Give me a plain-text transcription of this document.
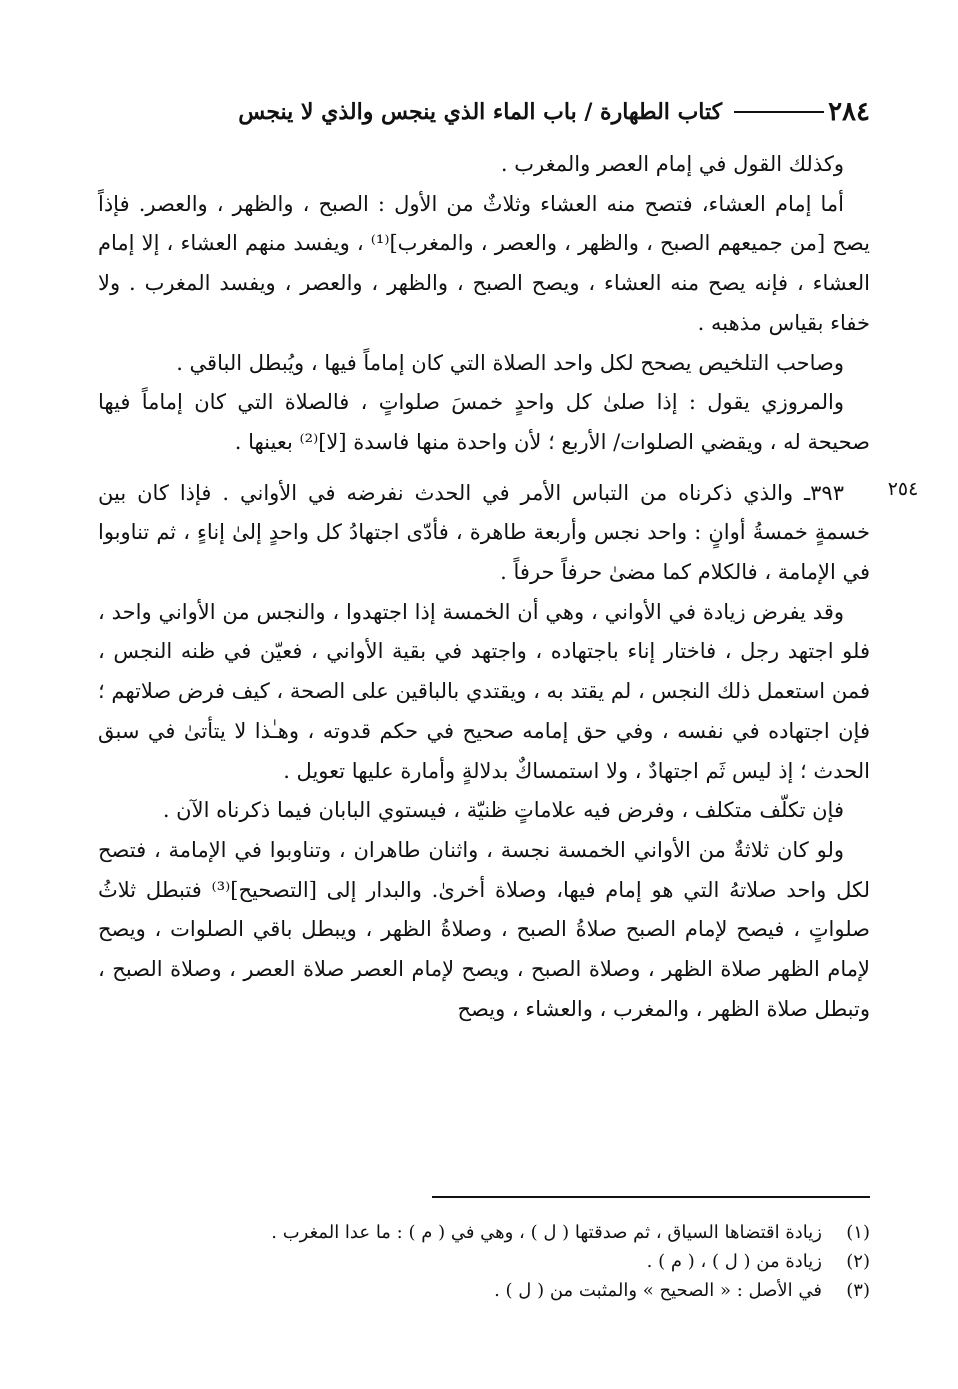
٢٨٤
كتاب الطهارة / باب الماء الذي ينجس والذي لا ينجس
٢٥٤

وكذلك القول في إمام العصر والمغرب .

أما إمام العشاء، فتصح منه العشاء وثلاثٌ من الأول : الصبح ، والظهر ، والعصر. فإذاً يصح [من جميعهم الصبح ، والظهر ، والعصر ، والمغرب]⁽¹⁾ ، ويفسد منهم العشاء ، إلا إمام العشاء ، فإنه يصح منه العشاء ، ويصح الصبح ، والظهر ، والعصر ، ويفسد المغرب . ولا خفاء بقياس مذهبه .

وصاحب التلخيص يصحح لكل واحد الصلاة التي كان إماماً فيها ، ويُبطل الباقي .

والمروزي يقول : إذا صلىٰ كل واحدٍ خمسَ صلواتٍ ، فالصلاة التي كان إماماً فيها صحيحة له ، ويقضي الصلوات/ الأربع ؛ لأن واحدة منها فاسدة [لا]⁽²⁾ بعينها .

٣٩٣ـ والذي ذكرناه من التباس الأمر في الحدث نفرضه في الأواني . فإذا كان بين خسمةٍ خمسةُ أوانٍ : واحد نجس وأربعة طاهرة ، فأدّى اجتهادُ كل واحدٍ إلىٰ إناءٍ ، ثم تناوبوا في الإمامة ، فالكلام كما مضىٰ حرفاً حرفاً .

وقد يفرض زيادة في الأواني ، وهي أن الخمسة إذا اجتهدوا ، والنجس من الأواني واحد ، فلو اجتهد رجل ، فاختار إناء باجتهاده ، واجتهد في بقية الأواني ، فعيّن في ظنه النجس ، فمن استعمل ذلك النجس ، لم يقتد به ، ويقتدي بالباقين على الصحة ، كيف فرض صلاتهم ؛ فإن اجتهاده في نفسه ، وفي حق إمامه صحيح في حكم قدوته ، وهـٰذا لا يتأتىٰ في سبق الحدث ؛ إذ ليس ثَم اجتهادٌ ، ولا استمساكٌ بدلالةٍ وأمارة عليها تعويل .

فإن تكلّف متكلف ، وفرض فيه علاماتٍ ظنيّة ، فيستوي البابان فيما ذكرناه الآن .

ولو كان ثلاثةٌ من الأواني الخمسة نجسة ، واثنان طاهران ، وتناوبوا في الإمامة ، فتصح لكل واحد صلاتهُ التي هو إمام فيها، وصلاة أخرىٰ. والبدار إلى [التصحيح]⁽³⁾ فتبطل ثلاثُ صلواتٍ ، فيصح لإمام الصبح صلاةُ الصبح ، وصلاةُ الظهر ، ويبطل باقي الصلوات ، ويصح لإمام الظهر صلاة الظهر ، وصلاة الصبح ، ويصح لإمام العصر صلاة العصر ، وصلاة الصبح ، وتبطل صلاة الظهر ، والمغرب ، والعشاء ، ويصح

(١)
زيادة اقتضاها السياق ، ثم صدقتها ( ل ) ، وهي في ( م ) : ما عدا المغرب .
(٢)
زيادة من ( ل ) ، ( م ) .
(٣)
في الأصل : « الصحيح » والمثبت من ( ل ) .
